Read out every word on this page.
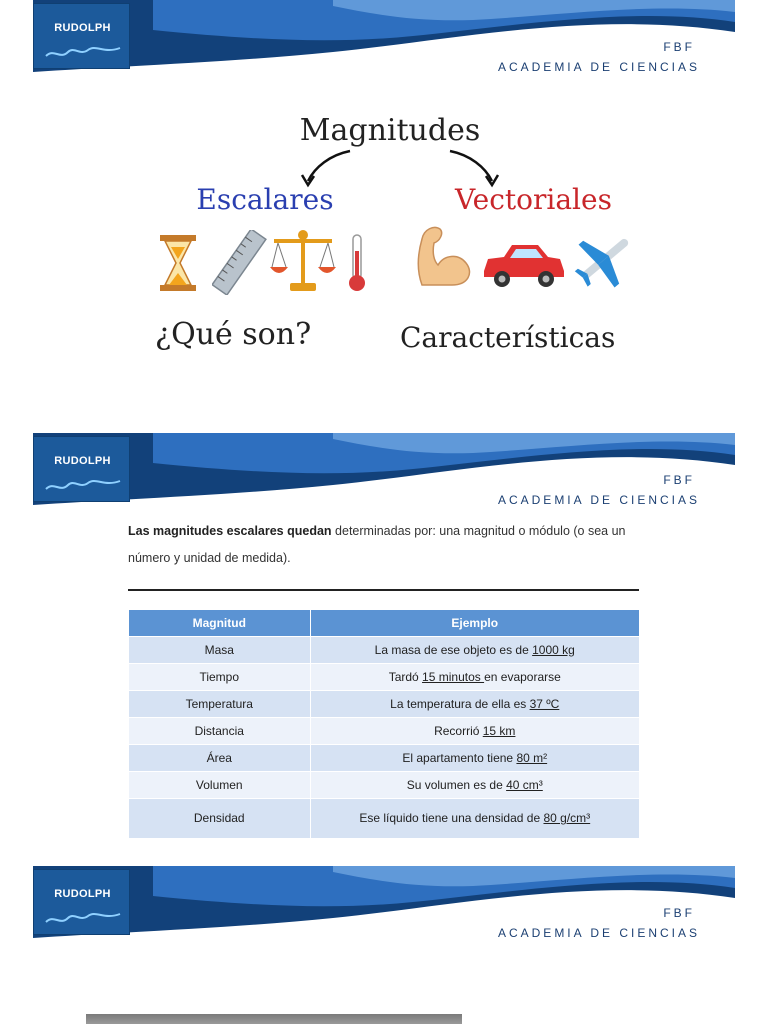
RUDOLPH
FBF
ACADEMIA DE CIENCIAS
RUDOLPH
FBF
ACADEMIA DE CIENCIAS
RUDOLPH
FBF
ACADEMIA DE CIENCIAS
Magnitudes
Escalares	Vectoriales
¿Qué son?	Características
Las magnitudes escalares quedan determinadas por: una magnitud o módulo (o sea un número y unidad de medida).
Magnitud	Ejemplo
Masa	La masa de ese objeto es de 1000 kg
Tiempo	Tardó 15 minutos en evaporarse
Temperatura	La temperatura de ella es 37 ºC
Distancia	Recorrió 15 km
Área	El apartamento tiene 80 m²
Volumen	Su volumen es de 40 cm³
Densidad	Ese líquido tiene una densidad de 80 g/cm³
